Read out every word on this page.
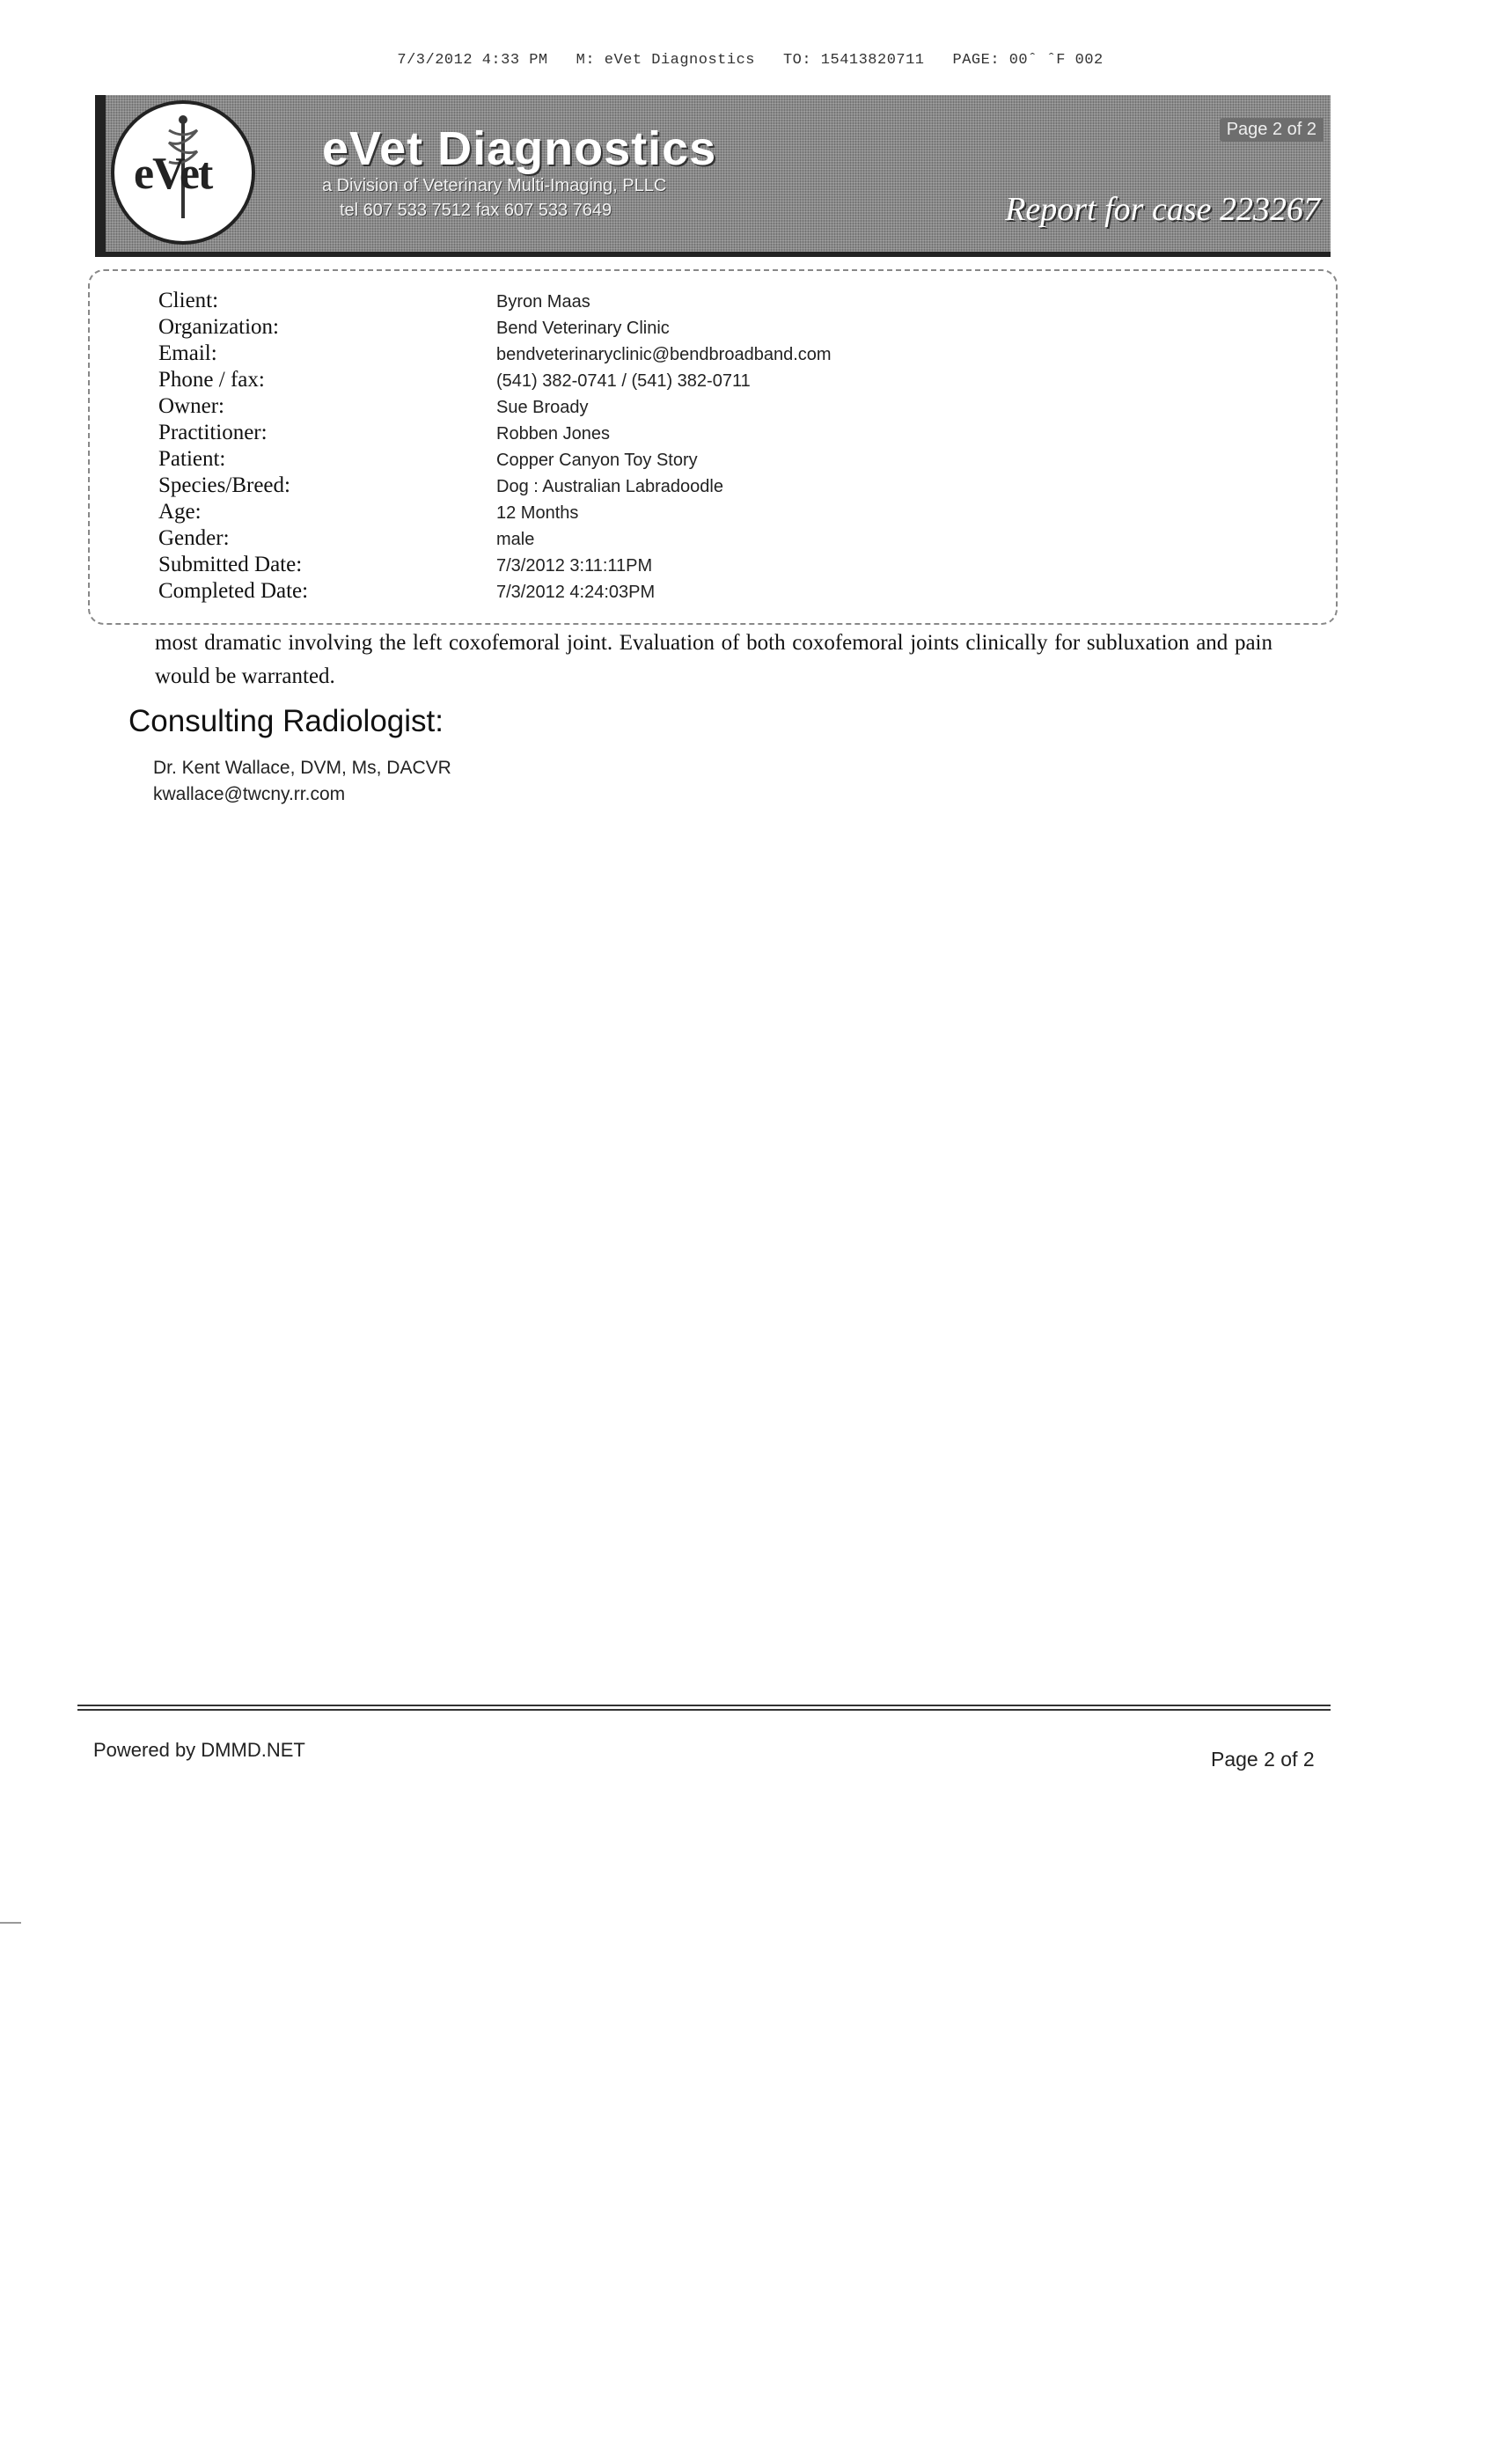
7/3/2012 4:33 PM M: eVet Diagnostics TO: 15413820711 PAGE: 00ˆ ˆF 002

eVet eVet Diagnostics
a Division of Veterinary Multi-Imaging, PLLC
tel 607 533 7512 fax 607 533 7649
Page 2 of 2
Report for case 223267
Client:	Byron Maas
Organization:	Bend Veterinary Clinic
Email:	bendveterinaryclinic@bendbroadband.com
Phone / fax:	(541) 382-0741 / (541) 382-0711
Owner:	Sue Broady
Practitioner:	Robben Jones
Patient:	Copper Canyon Toy Story
Species/Breed:	Dog : Australian Labradoodle
Age:	12 Months
Gender:	male
Submitted Date:	7/3/2012 3:11:11PM
Completed Date:	7/3/2012 4:24:03PM
most dramatic involving the left coxofemoral joint. Evaluation of both coxofemoral joints clinically for subluxation and pain would be warranted.
Consulting Radiologist:
Dr. Kent Wallace, DVM, Ms, DACVR
kwallace@twcny.rr.com
Powered by DMMD.NET	Page 2 of 2
